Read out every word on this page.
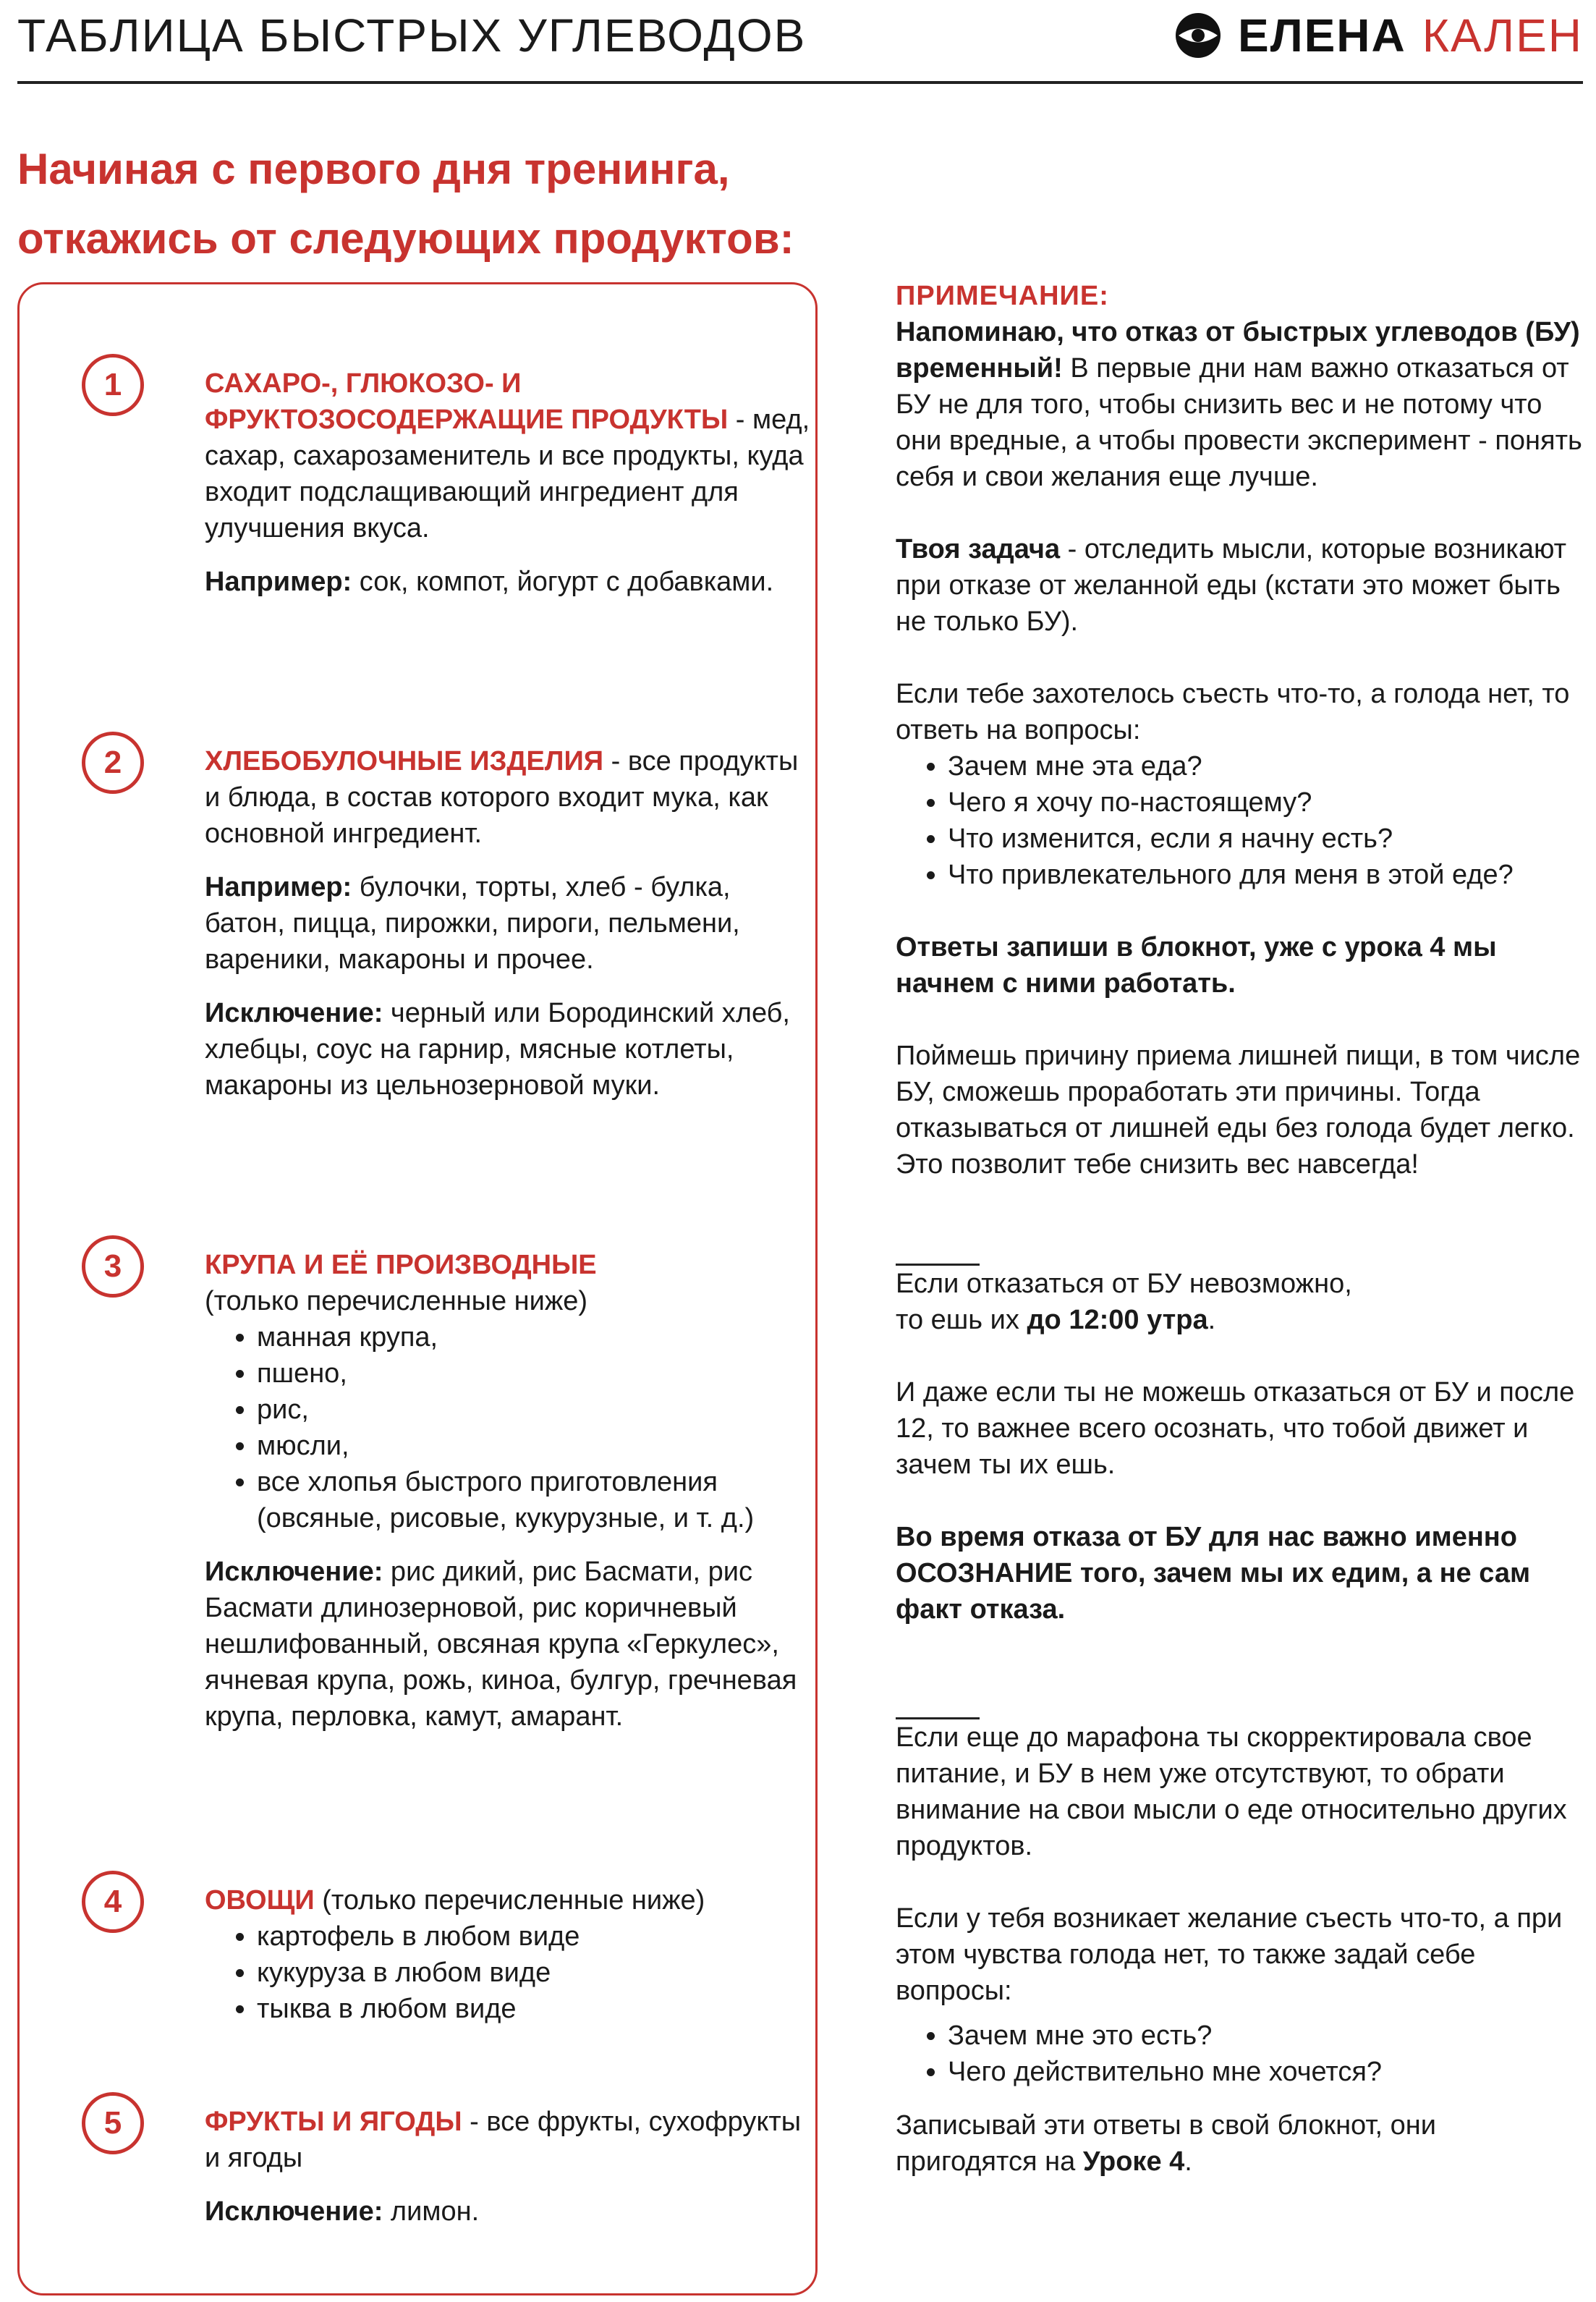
ТАБЛИЦА БЫСТРЫХ УГЛЕВОДОВ	ЕЛЕНА КАЛЕН
Начиная с первого дня тренинга,
откажись от следующих продуктов:
1	САХАРО-, ГЛЮКОЗО- И ФРУКТОЗОСОДЕРЖАЩИЕ ПРОДУКТЫ - мед, сахар, сахарозаменитель и все продукты, куда входит подслащивающий ингредиент для улучшения вкуса.

Например: сок, компот, йогурт с добавками.

2	ХЛЕБОБУЛОЧНЫЕ ИЗДЕЛИЯ - все продукты и блюда, в состав которого входит мука, как основной ингредиент.

Например: булочки, торты, хлеб - булка, батон, пицца, пирожки, пироги, пельмени, вареники, макароны и прочее.

Исключение: черный или Бородинский хлеб, хлебцы, соус на гарнир, мясные котлеты, макароны из цельнозерновой муки.

3	КРУПА И ЕЁ ПРОИЗВОДНЫЕ

(только перечисленные ниже)

• манная крупа,
• пшено,
• рис,
• мюсли,
• все хлопья быстрого приготовления (овсяные, рисовые, кукурузные, и т. д.)

Исключение: рис дикий, рис Басмати, рис Басмати длинозерновой, рис коричневый нешлифованный, овсяная крупа «Геркулес», ячневая крупа, рожь, киноа, булгур, гречневая крупа, перловка, камут, амарант.

4	ОВОЩИ (только перечисленные ниже)

• картофель в любом виде
• кукуруза в любом виде
• тыква в любом виде
5	ФРУКТЫ И ЯГОДЫ - все фрукты, сухофрукты и ягоды

Исключение: лимон.

ПРИМЕЧАНИЕ:

Напоминаю, что отказ от быстрых углеводов (БУ) временный! В первые дни нам важно отказаться от БУ не для того, чтобы снизить вес и не потому что они вредные, а чтобы провести эксперимент - понять себя и свои желания еще лучше.

Твоя задача - отследить мысли, которые возникают при отказе от желанной еды (кстати это может быть не только БУ).

Если тебе захотелось съесть что-то, а голода нет, то ответь на вопросы:

• Зачем мне эта еда?
• Чего я хочу по-настоящему?
• Что изменится, если я начну есть?
• Что привлекательного для меня в этой еде?

Ответы запиши в блокнот, уже с урока 4 мы начнем с ними работать.

Поймешь причину приема лишней пищи, в том числе БУ, сможешь проработать эти причины. Тогда отказываться от лишней еды без голода будет легко. Это позволит тебе снизить вес навсегда!

Если отказаться от БУ невозможно,

то ешь их до 12:00 утра.

И даже если ты не можешь отказаться от БУ и после 12, то важнее всего осознать, что тобой движет и зачем ты их ешь.

Во время отказа от БУ для нас важно именно ОСОЗНАНИЕ того, зачем мы их едим, а не сам факт отказа.

Если еще до марафона ты скорректировала свое питание, и БУ в нем уже отсутствуют, то обрати внимание на свои мысли о еде относительно других продуктов.

Если у тебя возникает желание съесть что-то, а при этом чувства голода нет, то также задай себе вопросы:

• Зачем мне это есть?
• Чего действительно мне хочется?

Записывай эти ответы в свой блокнот, они пригодятся на Уроке 4.
